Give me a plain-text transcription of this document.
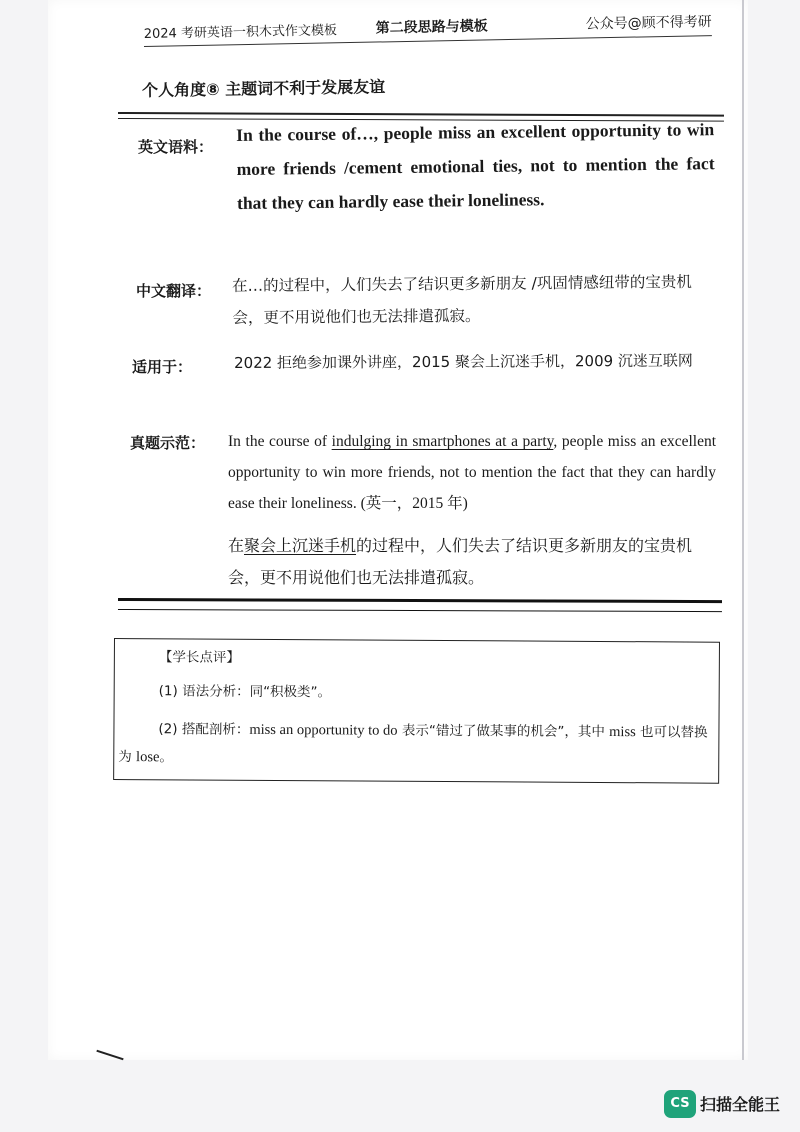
2024 考研英语一积木式作文模板	第二段思路与模板	公众号@顾不得考研
个人角度⑧ 主题词不利于发展友谊
英文语料：
In the course of…, people miss an excellent opportunity to win more friends /cement emotional ties, not to mention the fact that they can hardly ease their loneliness.
中文翻译：	在…的过程中，人们失去了结识更多新朋友 /巩固情感纽带的宝贵机会，更不用说他们也无法排遣孤寂。
适用于：	2022 拒绝参加课外讲座，2015 聚会上沉迷手机，2009 沉迷互联网
真题示范：	In the course of indulging in smartphones at a party, people miss an excellent opportunity to win more friends, not to mention the fact that they can hardly ease their loneliness. (英一，2015 年)
在聚会上沉迷手机的过程中，人们失去了结识更多新朋友的宝贵机会，更不用说他们也无法排遣孤寂。
【学长点评】
(1) 语法分析：同“积极类”。
(2) 搭配剖析：miss an opportunity to do 表示“错过了做某事的机会”，其中 miss 也可以替换为 lose。
CS 扫描全能王
